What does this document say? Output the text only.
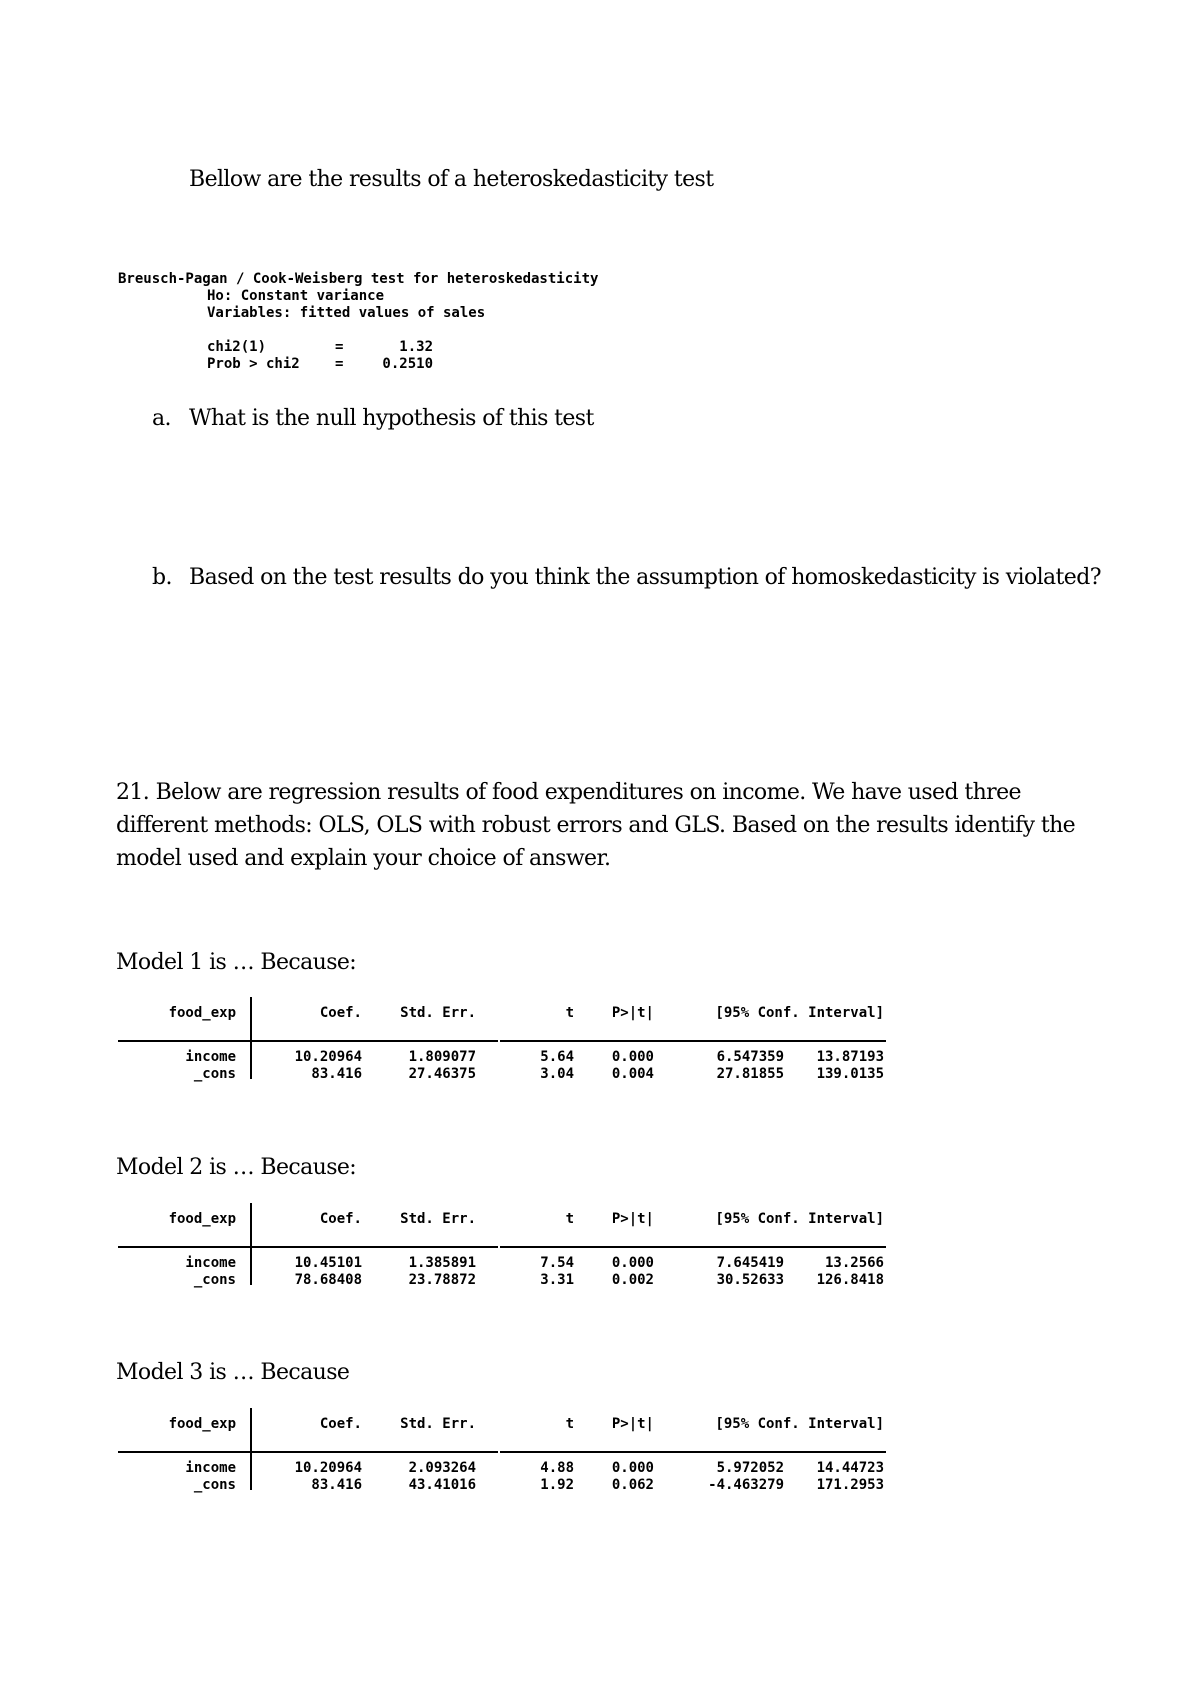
Bellow are the results of a heteroskedasticity test
Breusch-Pagan / Cook-Weisberg test for heteroskedasticity
Ho: Constant variance
Variables: fitted values of sales
chi2(1)	=	1.32
Prob > chi2	=	0.2510
a. What is the null hypothesis of this test
b. Based on the test results do you think the assumption of homoskedasticity is violated?
21. Below are regression results of food expenditures on income. We have used three different methods: OLS, OLS with robust errors and GLS. Based on the results identify the model used and explain your choice of answer.
Model 1 is … Because:
food_exp	Coef.	Std. Err.	t	P>|t|	[95% Conf. Interval]
income	10.20964	1.809077	5.64	0.000	6.547359	13.87193
_cons	83.416	27.46375	3.04	0.004	27.81855	139.0135
Model 2 is … Because:
food_exp	Coef.	Std. Err.	t	P>|t|	[95% Conf. Interval]
income	10.45101	1.385891	7.54	0.000	7.645419	13.2566
_cons	78.68408	23.78872	3.31	0.002	30.52633	126.8418
Model 3 is … Because
food_exp	Coef.	Std. Err.	t	P>|t|	[95% Conf. Interval]
income	10.20964	2.093264	4.88	0.000	5.972052	14.44723
_cons	83.416	43.41016	1.92	0.062	-4.463279	171.2953
